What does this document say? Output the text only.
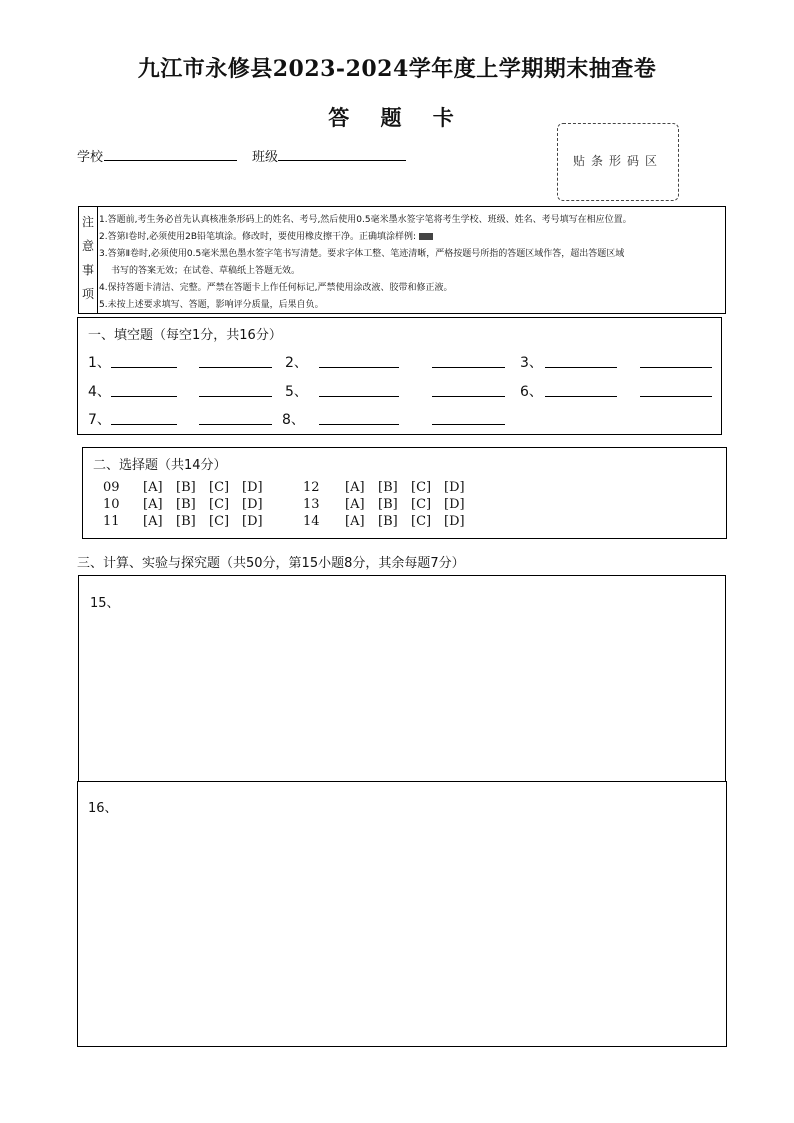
九江市永修县2023-2024学年度上学期期末抽查卷
答 题 卡
学校	班级	贴条形码区
注
意
事
项
1.答题前,考生务必首先认真核准条形码上的姓名、考号,然后使用0.5毫米墨水签字笔将考生学校、班级、姓名、考号填写在相应位置。
2.答第Ⅰ卷时,必须使用2B铅笔填涂。修改时，要使用橡皮擦干净。正确填涂样例:
3.答第Ⅱ卷时,必须使用0.5毫米黑色墨水签字笔书写清楚。要求字体工整、笔迹清晰，严格按题号所指的答题区域作答，超出答题区域
书写的答案无效；在试卷、草稿纸上答题无效。
4.保持答题卡清洁、完整。严禁在答题卡上作任何标记,严禁使用涂改液、胶带和修正液。
5.未按上述要求填写、答题，影响评分质量，后果自负。
一、填空题（每空1分，共16分）
1、	2、	3、
4、	5、	6、
7、	8、
二、选择题（共14分）
09 [A] [B] [C] [D]
10 [A] [B] [C] [D]
11 [A] [B] [C] [D]
12 [A] [B] [C] [D]
13 [A] [B] [C] [D]
14 [A] [B] [C] [D]
三、计算、实验与探究题（共50分，第15小题8分，其余每题7分）
15、
16、
